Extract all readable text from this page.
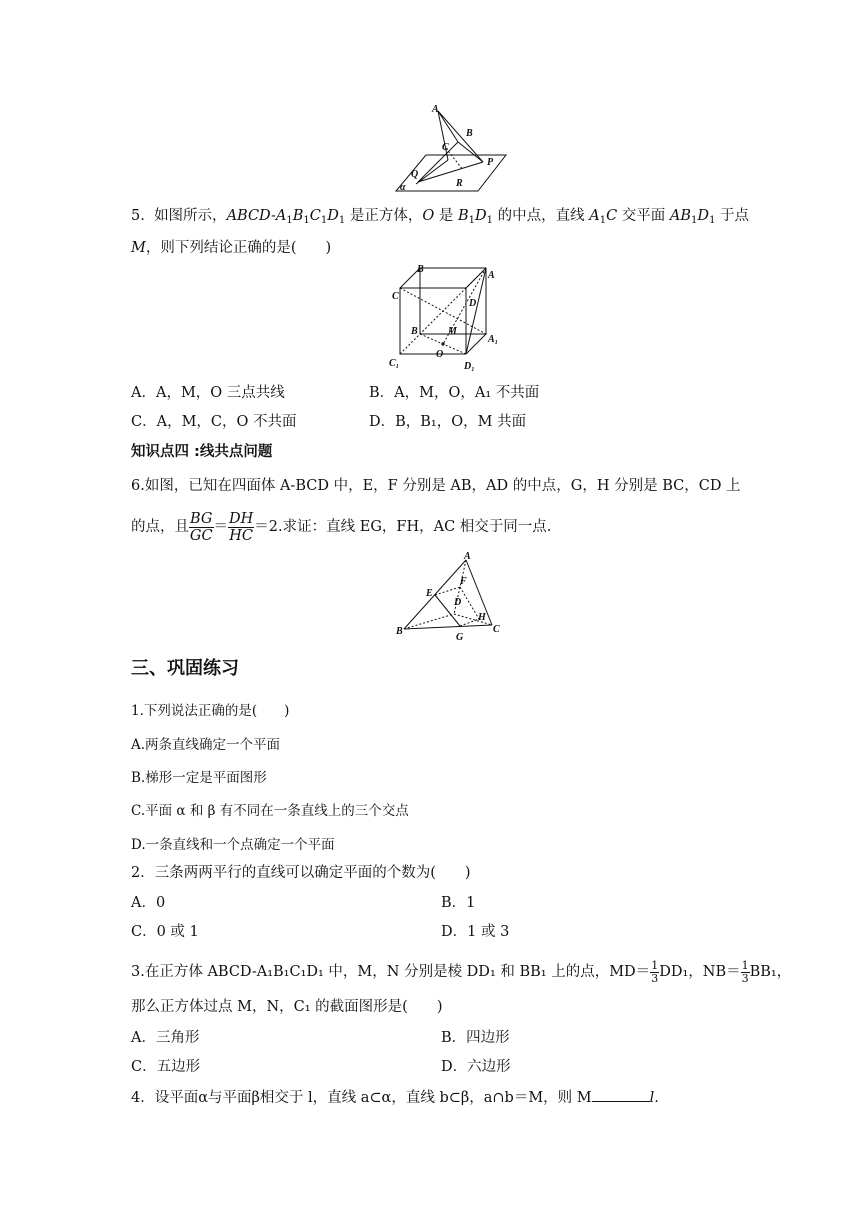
A
B
C
P
Q
R
α
5. 如图所示，ABCD-$A_1B_1C_1D_1$ 是正方体，O 是 $B_1D_1$ 的中点，直线 $A_1C$ 交平面 $AB_1D_1$ 于点
M，则下列结论正确的是(　　)
B
A
C
D
B	M
A₁
O
C₁	D₁
A．A，M，O 三点共线	B．A，M，O，A₁ 不共面
C．A，M，C，O 不共面	D．B，B₁，O，M 共面
知识点四 :线共点问题
6.如图，已知在四面体 A-BCD 中，E，F 分别是 AB，AD 的中点，G，H 分别是 BC，CD 上
的点，且 $\frac{BG}{GC} = \frac{DH}{HC} =2$.求证：直线 EG，FH，AC 相交于同一点.
A
F
E
D
H
B
G
C
三、巩固练习
1.下列说法正确的是(　　)
A.两条直线确定一个平面
B.梯形一定是平面图形
C.平面 α 和 β 有不同在一条直线上的三个交点
D.一条直线和一个点确定一个平面
2．三条两两平行的直线可以确定平面的个数为(　　)
A．0	B．1
C．0 或 1	D．1 或 3
3.在正方体 ABCD-A₁B₁C₁D₁ 中，M，N 分别是棱 DD₁ 和 BB₁ 上的点，$MD= \frac{1}{3} DD_1$，$NB= \frac{1}{3} BB_1$，
那么正方体过点 M，N，C₁ 的截面图形是(　　)
A．三角形	B．四边形
C．五边形	D．六边形
4．设平面α与平面β相交于 l，直线 a⊂α，直线 b⊂β，a∩b＝M，则 M	l.
